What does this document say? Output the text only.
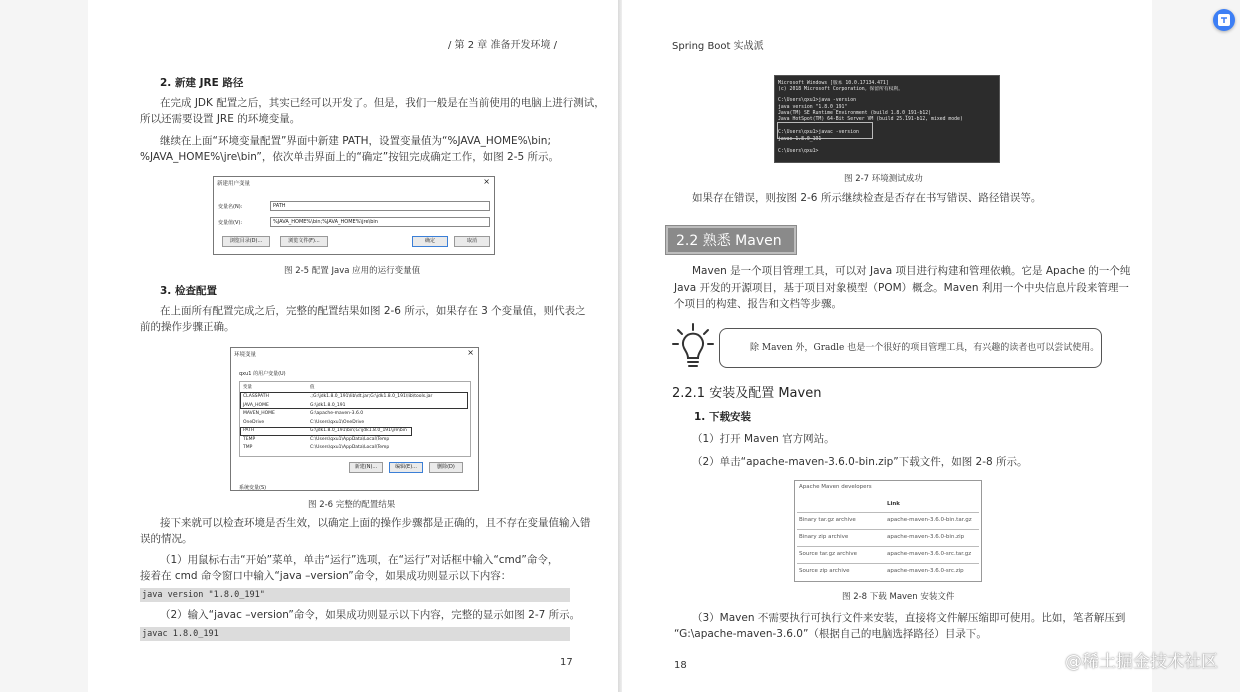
/ 第 2 章 准备开发环境 /
2. 新建 JRE 路径
在完成 JDK 配置之后，其实已经可以开发了。但是，我们一般是在当前使用的电脑上进行测试，
所以还需要设置 JRE 的环境变量。
继续在上面“环境变量配置”界面中新建 PATH，设置变量值为“%JAVA_HOME%\bin;
%JAVA_HOME%\jre\bin”，依次单击界面上的“确定”按钮完成确定工作，如图 2-5 所示。
新建用户变量	×
变量名(N):	PATH
变量值(V):	%JAVA_HOME%\bin;%JAVA_HOME%\jre\bin
浏览目录(D)...	浏览文件(F)...	确定	取消
图 2-5 配置 Java 应用的运行变量值
3. 检查配置
在上面所有配置完成之后，完整的配置结果如图 2-6 所示，如果存在 3 个变量值，则代表之
前的操作步骤正确。
环境变量	×
qxu1 的用户变量(U)
变量	值
CLASSPATH	.;G:\jdk1.8.0_191\lib\dt.jar;G:\jdk1.8.0_191\lib\tools.jar
JAVA_HOME	G:\jdk1.8.0_191
MAVEN_HOME	G:\apache-maven-3.6.0
OneDrive	C:\Users\qxu1\OneDrive
PATH	G:\jdk1.8.0_191\bin;G:\jdk1.8.0_191\jre\bin
TEMP	C:\Users\qxu1\AppData\Local\Temp
TMP	C:\Users\qxu1\AppData\Local\Temp
新建(N)...	编辑(E)...	删除(D)
系统变量(S)
图 2-6 完整的配置结果
接下来就可以检查环境是否生效，以确定上面的操作步骤都是正确的，且不存在变量值输入错
误的情况。
（1）用鼠标右击“开始”菜单，单击“运行”选项，在“运行”对话框中输入“cmd”命令，
接着在 cmd 命令窗口中输入“java –version”命令，如果成功则显示以下内容：
java version "1.8.0_191"
（2）输入“javac –version”命令，如果成功则显示以下内容，完整的显示如图 2-7 所示。
javac 1.8.0_191
17
Spring Boot 实战派
Microsoft Windows [版本 10.0.17134.471]
(c) 2018 Microsoft Corporation。保留所有权利。
C:\Users\qxu1>java -version
java version "1.8.0_191"
Java(TM) SE Runtime Environment (build 1.8.0_191-b12)
Java HotSpot(TM) 64-Bit Server VM (build 25.191-b12, mixed mode)
C:\Users\qxu1>javac -version
javac 1.8.0_191
C:\Users\qxu1>
图 2-7 环境测试成功
如果存在错误，则按图 2-6 所示继续检查是否存在书写错误、路径错误等。
2.2 熟悉 Maven
Maven 是一个项目管理工具，可以对 Java 项目进行构建和管理依赖。它是 Apache 的一个纯
Java 开发的开源项目，基于项目对象模型（POM）概念。Maven 利用一个中央信息片段来管理一
个项目的构建、报告和文档等步骤。
除 Maven 外，Gradle 也是一个很好的项目管理工具，有兴趣的读者也可以尝试使用。
2.2.1 安装及配置 Maven
1. 下载安装
（1）打开 Maven 官方网站。
（2）单击“apache-maven-3.6.0-bin.zip”下载文件，如图 2-8 所示。
Apache Maven developers
Link
Binary tar.gz archive	apache-maven-3.6.0-bin.tar.gz
Binary zip archive	apache-maven-3.6.0-bin.zip
Source tar.gz archive	apache-maven-3.6.0-src.tar.gz
Source zip archive	apache-maven-3.6.0-src.zip
图 2-8 下载 Maven 安装文件
（3）Maven 不需要执行可执行文件来安装，直接将文件解压缩即可使用。比如，笔者解压到
“G:\apache-maven-3.6.0”（根据自己的电脑选择路径）目录下。
18	@稀土掘金技术社区
